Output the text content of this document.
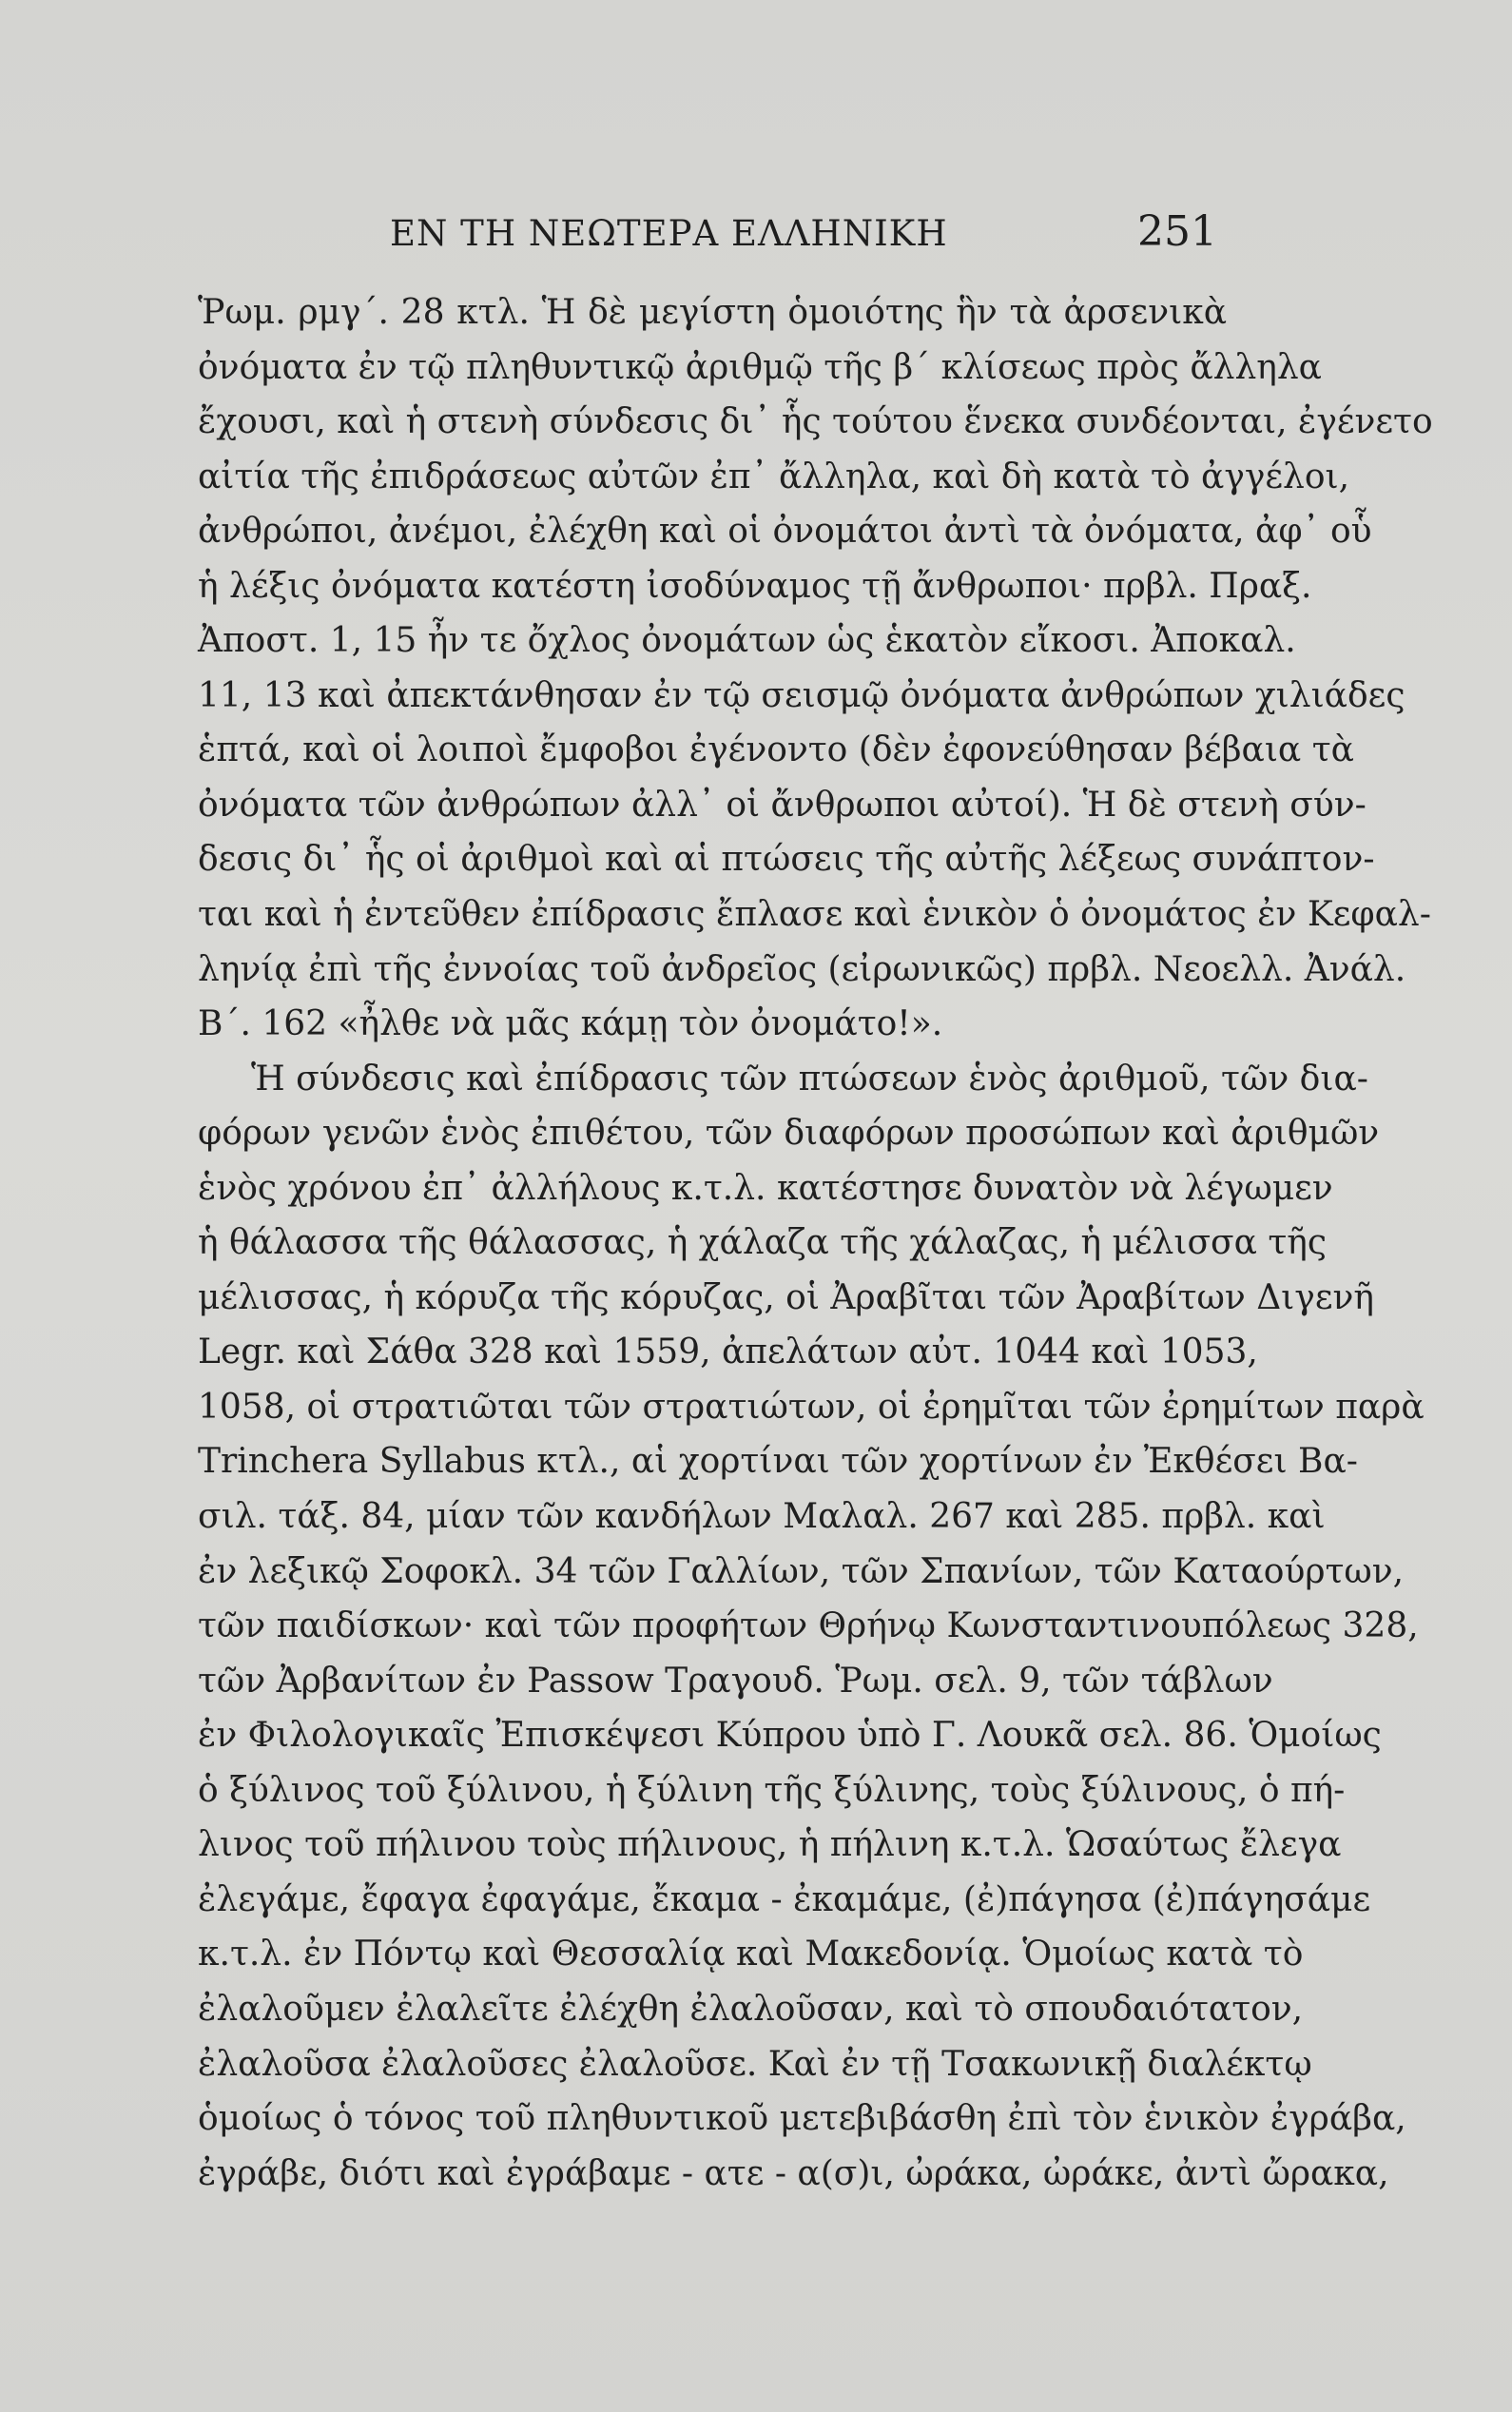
ΕΝ ΤΗ ΝΕΩΤΕΡΑ ΕΛΛΗΝΙΚΗ	251
Ῥωμ. ρμγ΄. 28 κτλ. Ἡ δὲ μεγίστη ὁμοιότης ἣν τὰ ἀρσενικὰ
ὀνόματα ἐν τῷ πληθυντικῷ ἀριθμῷ τῆς β΄ κλίσεως πρὸς ἄλληλα
ἔχουσι, καὶ ἡ στενὴ σύνδεσις δι᾿ ἧς τούτου ἕνεκα συνδέονται, ἐγένετο
αἰτία τῆς ἐπιδράσεως αὐτῶν ἐπ᾿ ἄλληλα, καὶ δὴ κατὰ τὸ ἀγγέλοι,
ἀνθρώποι, ἀνέμοι, ἐλέχθη καὶ οἱ ὀνομάτοι ἀντὶ τὰ ὀνόματα, ἀφ᾿ οὗ
ἡ λέξις ὀνόματα κατέστη ἰσοδύναμος τῇ ἄνθρωποι· πρβλ. Πραξ.
Ἀποστ. 1, 15 ἦν τε ὄχλος ὀνομάτων ὡς ἑκατὸν εἴκοσι. Ἀποκαλ.
11, 13 καὶ ἀπεκτάνθησαν ἐν τῷ σεισμῷ ὀνόματα ἀνθρώπων χιλιάδες
ἑπτά, καὶ οἱ λοιποὶ ἔμφοβοι ἐγένοντο (δὲν ἐφονεύθησαν βέβαια τὰ
ὀνόματα τῶν ἀνθρώπων ἀλλ᾿ οἱ ἄνθρωποι αὐτοί). Ἡ δὲ στενὴ σύν-
δεσις δι᾿ ἧς οἱ ἀριθμοὶ καὶ αἱ πτώσεις τῆς αὐτῆς λέξεως συνάπτον-
ται καὶ ἡ ἐντεῦθεν ἐπίδρασις ἔπλασε καὶ ἑνικὸν ὁ ὀνομάτος ἐν Κεφαλ-
ληνίᾳ ἐπὶ τῆς ἐννοίας τοῦ ἀνδρεῖος (εἰρωνικῶς) πρβλ. Νεοελλ. Ἀνάλ.
Β΄. 162 «ἦλθε νὰ μᾶς κάμῃ τὸν ὀνομάτο!».
Ἡ σύνδεσις καὶ ἐπίδρασις τῶν πτώσεων ἑνὸς ἀριθμοῦ, τῶν δια-
φόρων γενῶν ἑνὸς ἐπιθέτου, τῶν διαφόρων προσώπων καὶ ἀριθμῶν
ἑνὸς χρόνου ἐπ᾿ ἀλλήλους κ.τ.λ. κατέστησε δυνατὸν νὰ λέγωμεν
ἡ θάλασσα τῆς θάλασσας, ἡ χάλαζα τῆς χάλαζας, ἡ μέλισσα τῆς
μέλισσας, ἡ κόρυζα τῆς κόρυζας, οἱ Ἀραβῖται τῶν Ἀραβίτων Διγενῆ
Legr. καὶ Σάθα 328 καὶ 1559, ἀπελάτων αὐτ. 1044 καὶ 1053,
1058, οἱ στρατιῶται τῶν στρατιώτων, οἱ ἐρημῖται τῶν ἐρημίτων παρὰ
Trinchera Syllabus κτλ., αἱ χορτίναι τῶν χορτίνων ἐν Ἐκθέσει Βα-
σιλ. τάξ. 84, μίαν τῶν κανδήλων Μαλαλ. 267 καὶ 285. πρβλ. καὶ
ἐν λεξικῷ Σοφοκλ. 34 τῶν Γαλλίων, τῶν Σπανίων, τῶν Καταούρτων,
τῶν παιδίσκων· καὶ τῶν προφήτων Θρήνῳ Κωνσταντινουπόλεως 328,
τῶν Ἀρβανίτων ἐν Passow Τραγουδ. Ῥωμ. σελ. 9, τῶν τάβλων
ἐν Φιλολογικαῖς Ἐπισκέψεσι Κύπρου ὑπὸ Γ. Λουκᾶ σελ. 86. Ὁμοίως
ὁ ξύλινος τοῦ ξύλινου, ἡ ξύλινη τῆς ξύλινης, τοὺς ξύλινους, ὁ πή-
λινος τοῦ πήλινου τοὺς πήλινους, ἡ πήλινη κ.τ.λ. Ὡσαύτως ἔλεγα
ἐλεγάμε, ἔφαγα ἐφαγάμε, ἔκαμα - ἐκαμάμε, (ἐ)πάγησα (ἐ)πάγησάμε
κ.τ.λ. ἐν Πόντῳ καὶ Θεσσαλίᾳ καὶ Μακεδονίᾳ. Ὁμοίως κατὰ τὸ
ἐλαλοῦμεν ἐλαλεῖτε ἐλέχθη ἐλαλοῦσαν, καὶ τὸ σπουδαιότατον,
ἐλαλοῦσα ἐλαλοῦσες ἐλαλοῦσε. Καὶ ἐν τῇ Τσακωνικῇ διαλέκτῳ
ὁμοίως ὁ τόνος τοῦ πληθυντικοῦ μετεβιβάσθη ἐπὶ τὸν ἑνικὸν ἐγράβα,
ἐγράβε, διότι καὶ ἐγράβαμε - ατε - α(σ)ι, ὠράκα, ὠράκε, ἀντὶ ὤρακα,
